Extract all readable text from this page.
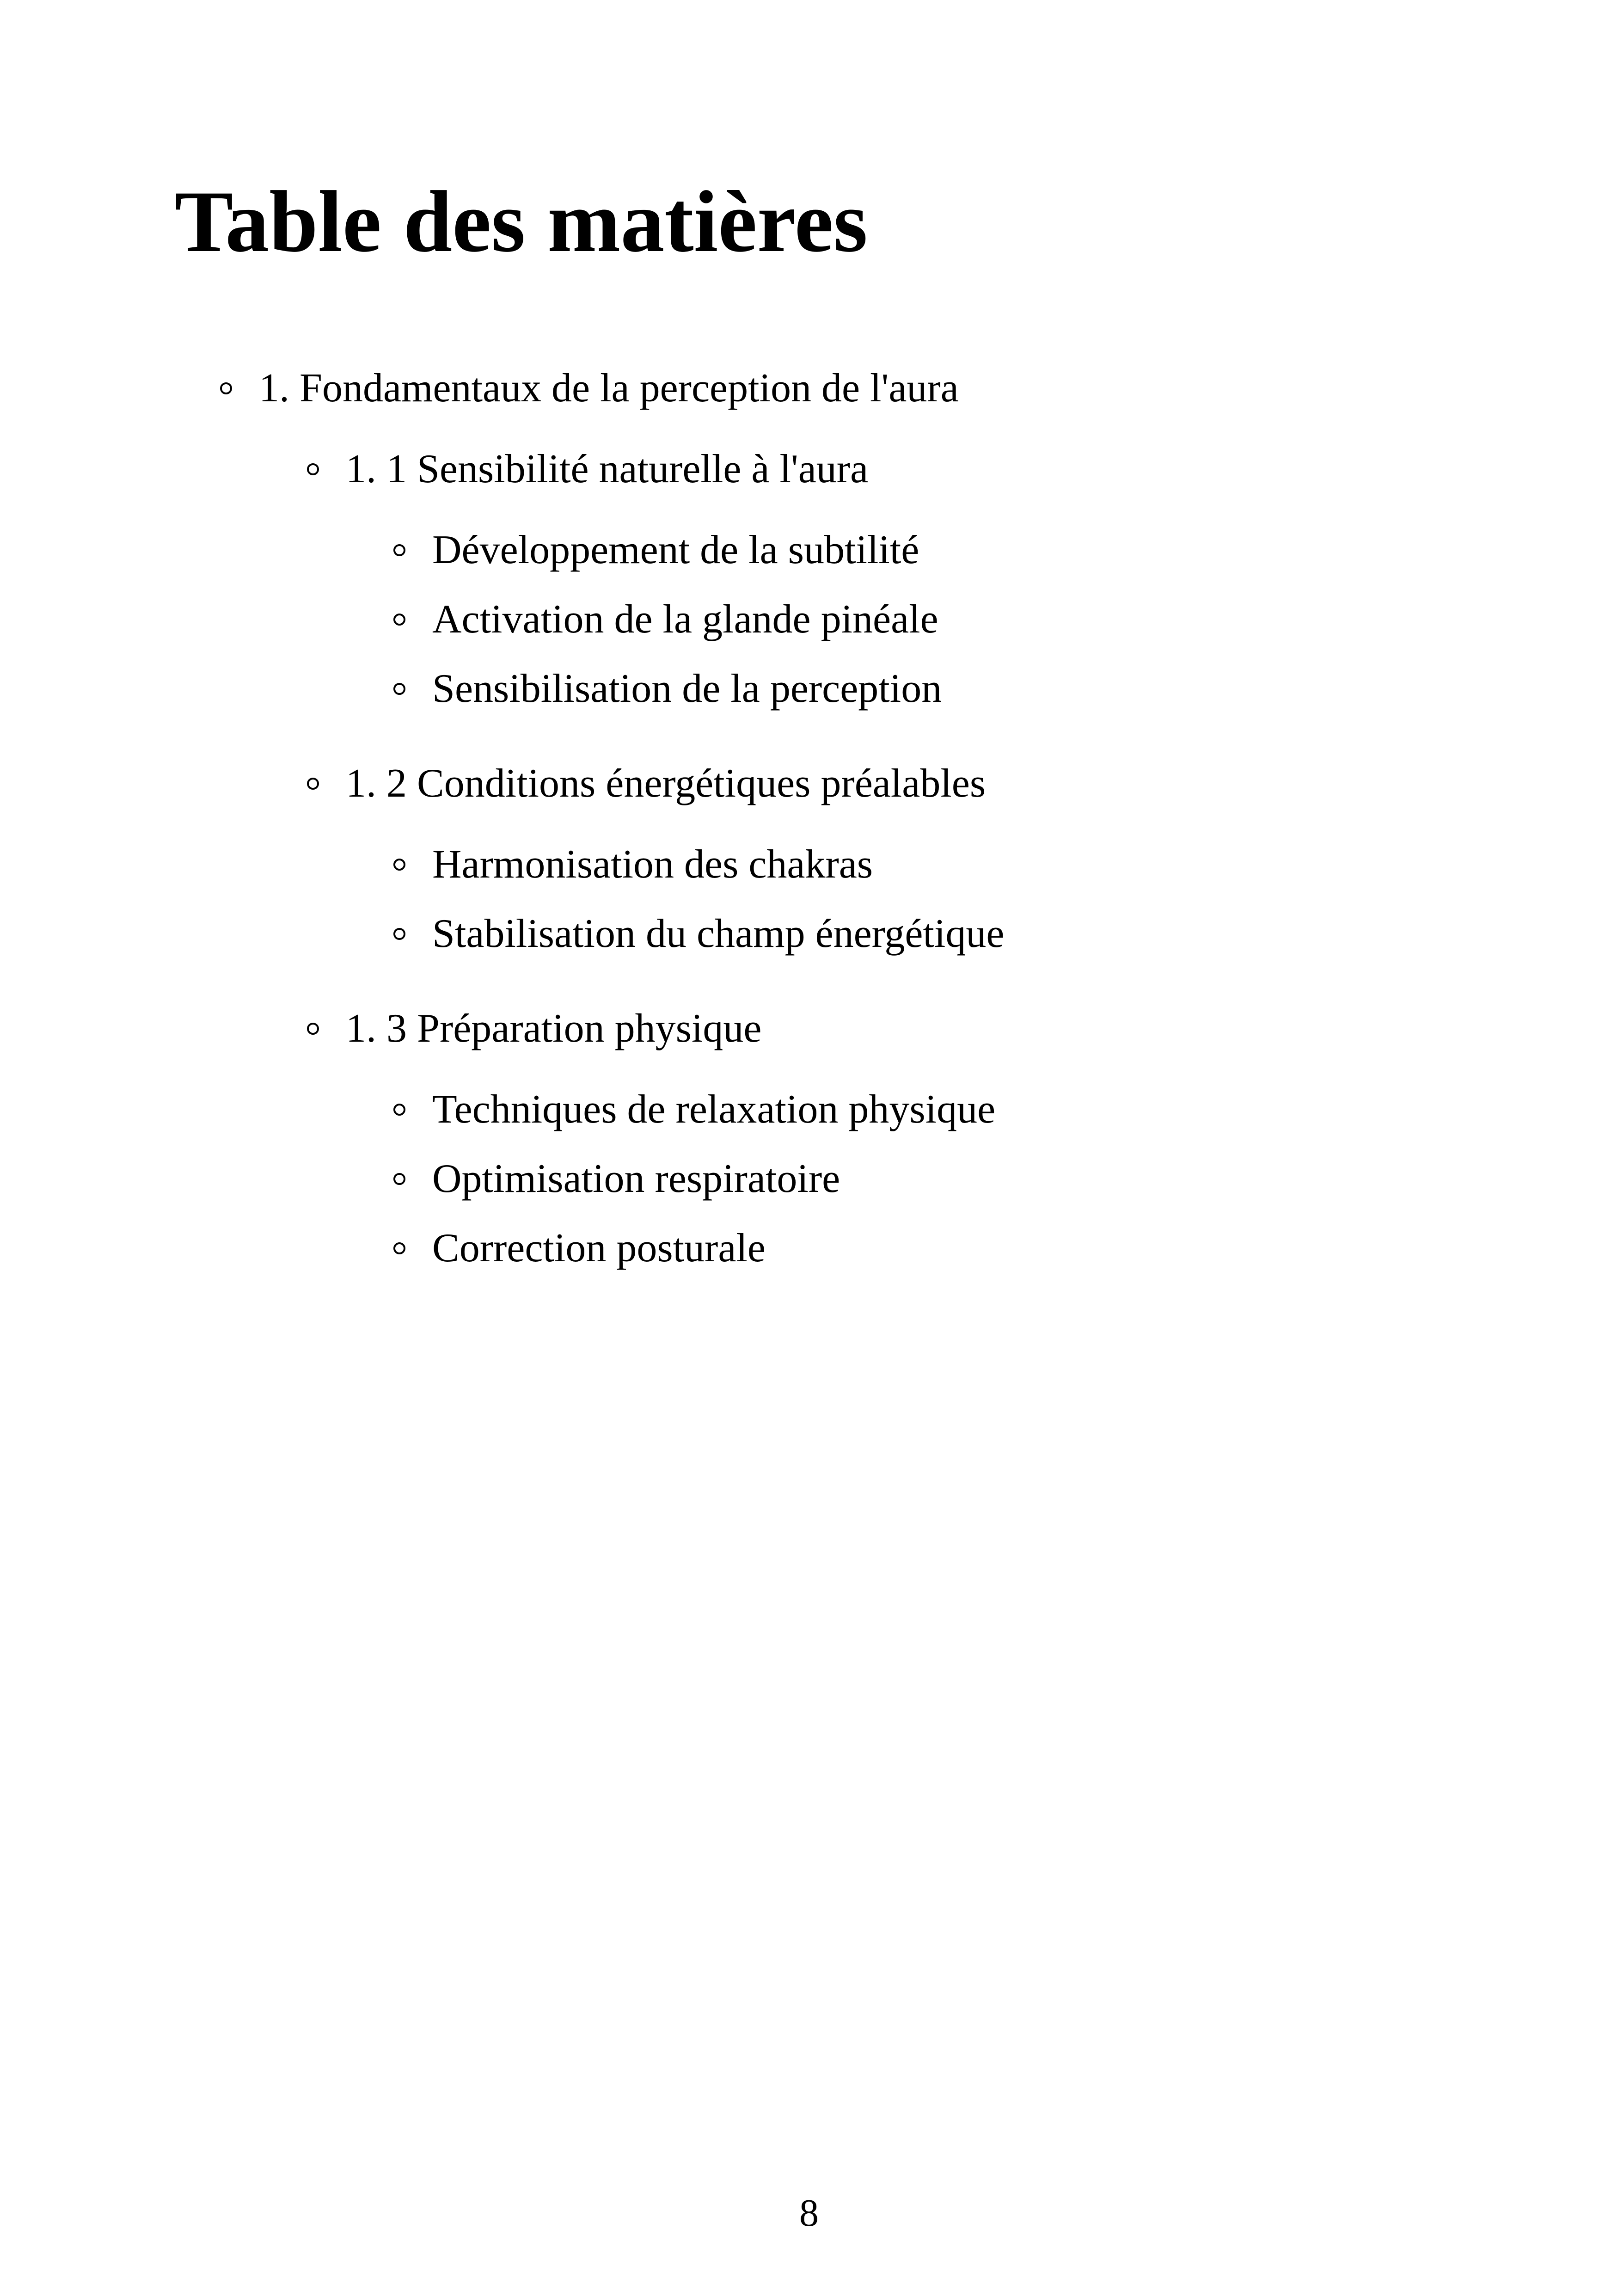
Table des matières
1. Fondamentaux de la perception de l'aura
1. 1 Sensibilité naturelle à l'aura
Développement de la subtilité
Activation de la glande pinéale
Sensibilisation de la perception
1. 2 Conditions énergétiques préalables
Harmonisation des chakras
Stabilisation du champ énergétique
1. 3 Préparation physique
Techniques de relaxation physique
Optimisation respiratoire
Correction posturale
8
